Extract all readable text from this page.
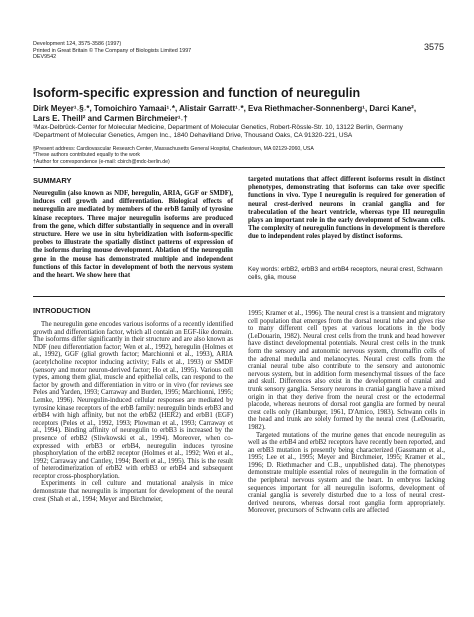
Development 124, 3575-3586 (1997)
Printed in Great Britain © The Company of Biologists Limited 1997
DEV9542
3575
Isoform-specific expression and function of neuregulin
Dirk Meyer¹˒§˒*, Tomoichiro Yamaai¹˒*, Alistair Garratt¹˒*, Eva Riethmacher-Sonnenberg¹, Darci Kane²,
Lars E. Theill² and Carmen Birchmeier¹˒†
¹Max-Delbrück-Center for Molecular Medicine, Department of Molecular Genetics, Robert-Rössle-Str. 10, 13122 Berlin, Germany
²Department of Molecular Genetics, Amgen Inc., 1840 Dehavilland Drive, Thousand Oaks, CA 91320-221, USA
§Present address: Cardiovascular Research Center, Massachusetts General Hospital, Charlestown, MA 02129-2060, USA
*These authors contributed equally to the work
†Author for correspondence (e-mail: cbirch@mdc-berlin.de)
SUMMARY
Neuregulin (also known as NDF, heregulin, ARIA, GGF or SMDF), induces cell growth and differentiation. Biological effects of neuregulin are mediated by members of the erbB family of tyrosine kinase receptors. Three major neuregulin isoforms are produced from the gene, which differ substantially in sequence and in overall structure. Here we use in situ hybridization with isoform-specific probes to illustrate the spatially distinct patterns of expression of the isoforms during mouse development. Ablation of the neuregulin gene in the mouse has demonstrated multiple and independent functions of this factor in development of both the nervous system and the heart. We show here that
targeted mutations that affect different isoforms result in distinct phenotypes, demonstrating that isoforms can take over specific functions in vivo. Type I neuregulin is required for generation of neural crest-derived neurons in cranial ganglia and for trabeculation of the heart ventricle, whereas type III neuregulin plays an important role in the early development of Schwann cells. The complexity of neuregulin functions in development is therefore due to independent roles played by distinct isoforms.
Key words: erbB2, erbB3 and erbB4 receptors, neural crest, Schwann cells, glia, mouse
INTRODUCTION

The neuregulin gene encodes various isoforms of a recently identified growth and differentiation factor, which all contain an EGF-like domain. The isoforms differ significantly in their structure and are also known as NDF (neu differentiation factor; Wen et al., 1992), heregulin (Holmes et al., 1992), GGF (glial growth factor; Marchionni et al., 1993), ARIA (acetylcholine receptor inducing activity; Falls et al., 1993) or SMDF (sensory and motor neuron-derived factor; Ho et al., 1995). Various cell types, among them glial, muscle and epithelial cells, can respond to the factor by growth and differentiation in vitro or in vivo (for reviews see Peles and Yarden, 1993; Carraway and Burden, 1995; Marchionni, 1995; Lemke, 1996). Neuregulin-induced cellular responses are mediated by tyrosine kinase receptors of the erbB family: neuregulin binds erbB3 and erbB4 with high affinity, but not the erbB2 (HER2) and erbB1 (EGF) receptors (Peles et al., 1992, 1993; Plowman et al., 1993; Carraway et al., 1994). Binding affinity of neuregulin to erbB3 is increased by the presence of erbB2 (Sliwkowski et al., 1994). Moreover, when co-expressed with erbB3 or erbB4, neuregulin induces tyrosine phosphorylation of the erbB2 receptor (Holmes et al., 1992; Wen et al., 1992; Carraway and Cantley, 1994; Beerli et al., 1995). This is the result of heterodimerization of erbB2 with erbB3 or erbB4 and subsequent receptor cross-phosphorylation.

Experiments in cell culture and mutational analysis in mice demonstrate that neuregulin is important for development of the neural crest (Shah et al., 1994; Meyer and Birchmeier,

1995; Kramer et al., 1996). The neural crest is a transient and migratory cell population that emerges from the dorsal neural tube and gives rise to many different cell types at various locations in the body (LeDouarin, 1982). Neural crest cells from the trunk and head however have distinct developmental potentials. Neural crest cells in the trunk form the sensory and autonomic nervous system, chromaffin cells of the adrenal medulla and melanocytes. Neural crest cells from the cranial neural tube also contribute to the sensory and autonomic nervous system, but in addition form mesenchymal tissues of the face and skull. Differences also exist in the development of cranial and trunk sensory ganglia. Sensory neurons in cranial ganglia have a mixed origin in that they derive from the neural crest or the ectodermal placode, whereas neurons of dorsal root ganglia are formed by neural crest cells only (Hamburger, 1961, D'Amico, 1983). Schwann cells in the head and trunk are solely formed by the neural crest (LeDouarin, 1982).

Targeted mutations of the murine genes that encode neuregulin as well as the erbB4 and erbB2 receptors have recently been reported, and an erbB3 mutation is presently being characterized (Gassmann et al., 1995; Lee et al., 1995; Meyer and Birchmeier, 1995; Kramer et al., 1996; D. Riethmacher and C.B., unpublished data). The phenotypes demonstrate multiple essential roles of neuregulin in the formation of the peripheral nervous system and the heart. In embryos lacking sequences important for all neuregulin isoforms, development of cranial ganglia is severely disturbed due to a loss of neural crest-derived neurons, whereas dorsal root ganglia form appropriately. Moreover, precursors of Schwann cells are affected
